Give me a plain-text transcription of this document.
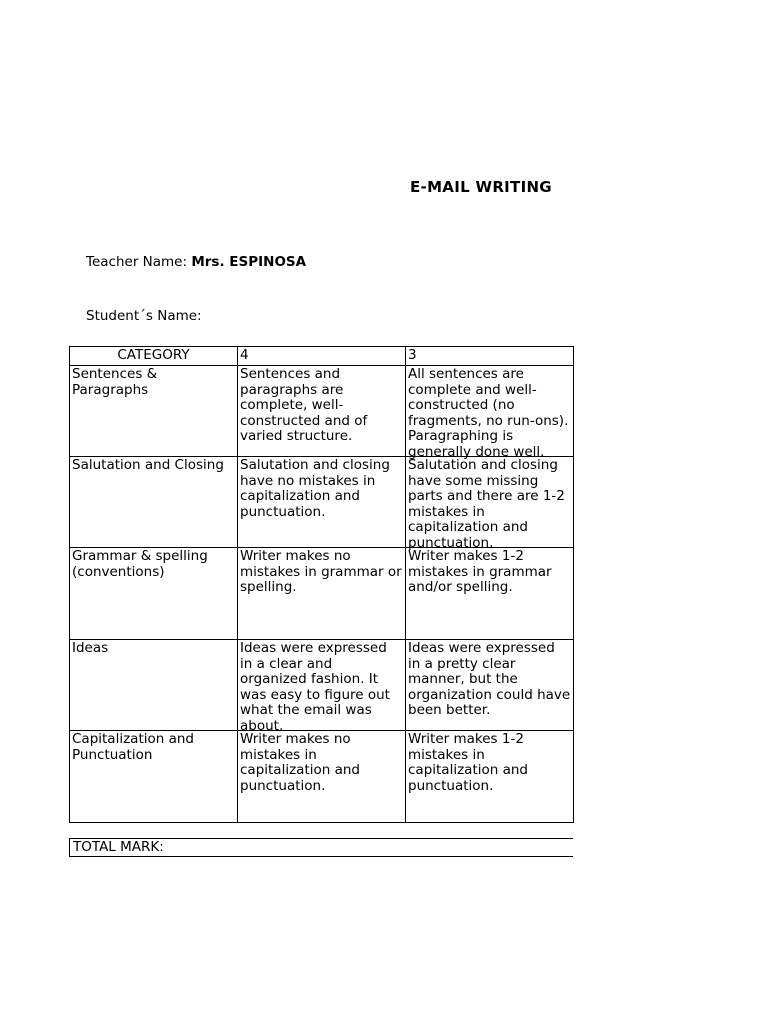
E-MAIL WRITING
Teacher Name: Mrs. ESPINOSA
Student´s Name:
CATEGORY	4	3

Sentences & Paragraphs	Sentences and paragraphs are complete, well-constructed and of varied structure.	All sentences are complete and well-constructed (no fragments, no run-ons). Paragraphing is generally done well.

Salutation and Closing	Salutation and closing have no mistakes in capitalization and punctuation.	Salutation and closing have some missing parts and there are 1-2 mistakes in capitalization and punctuation.

Grammar & spelling (conventions)	Writer makes no mistakes in grammar or spelling.	Writer makes 1-2 mistakes in grammar and/or spelling.

Ideas	Ideas were expressed in a clear and organized fashion. It was easy to figure out what the email was about.	Ideas were expressed in a pretty clear manner, but the organization could have been better.

Capitalization and Punctuation	Writer makes no mistakes in capitalization and punctuation.	Writer makes 1-2 mistakes in capitalization and punctuation.
TOTAL MARK:
